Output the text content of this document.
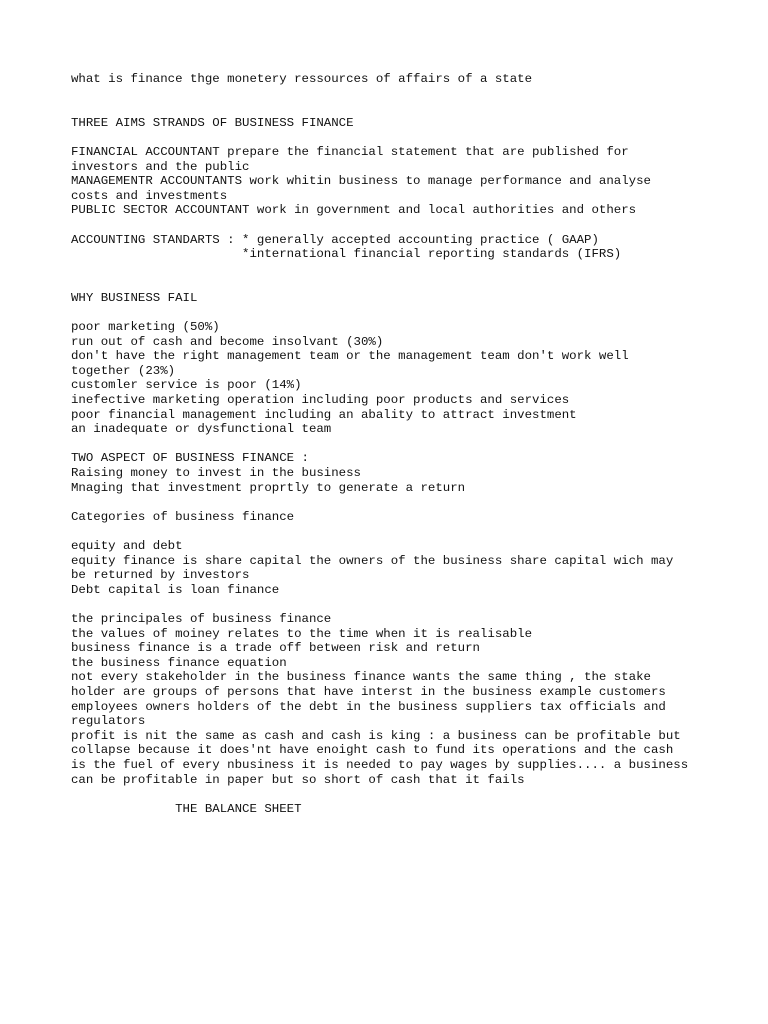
what is finance thge monetery ressources of affairs of a state
THREE AIMS STRANDS OF BUSINESS FINANCE
FINANCIAL ACCOUNTANT prepare the financial statement that are published for
investors and the public
MANAGEMENTR ACCOUNTANTS work whitin business to manage performance and analyse
costs and investments
PUBLIC SECTOR ACCOUNTANT work in government and local authorities and others
ACCOUNTING STANDARTS : * generally accepted accounting practice ( GAAP)
*international financial reporting standards (IFRS)
WHY BUSINESS FAIL
poor marketing (50%)
run out of cash and become insolvant (30%)
don't have the right management team or the management team don't work well
together (23%)
customler service is poor (14%)
inefective marketing operation including poor products and services
poor financial management including an abality to attract investment
an inadequate or dysfunctional team
TWO ASPECT OF BUSINESS FINANCE :
Raising money to invest in the business
Mnaging that investment proprtly to generate a return
Categories of business finance
equity and debt
equity finance is share capital the owners of the business share capital wich may
be returned by investors
Debt capital is loan finance
the principales of business finance
the values of moiney relates to the time when it is realisable
business finance is a trade off between risk and return
the business finance equation
not every stakeholder in the business finance wants the same thing , the stake
holder are groups of persons that have interst in the business example customers
employees owners holders of the debt in the business suppliers tax officials and
regulators
profit is nit the same as cash and cash is king : a business can be profitable but
collapse because it does'nt have enoight cash to fund its operations and the cash
is the fuel of every nbusiness it is needed to pay wages by supplies.... a business
can be profitable in paper but so short of cash that it fails
THE BALANCE SHEET
